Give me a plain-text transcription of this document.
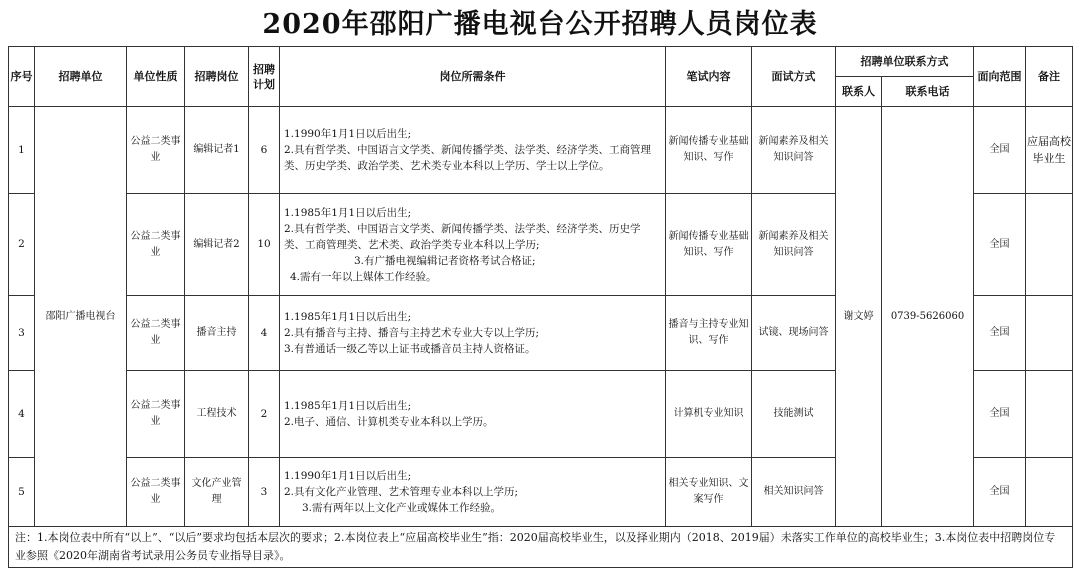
2020年邵阳广播电视台公开招聘人员岗位表
序号	招聘单位	单位性质	招聘岗位	招聘计划	岗位所需条件	笔试内容	面试方式	招聘单位联系方式		面向范围	备注
								联系人	联系电话		
1	邵阳广播电视台	公益二类事业	编辑记者1	6	1.1990年1月1日以后出生;
2.具有哲学类、中国语言文学类、新闻传播学类、法学类、经济学类、工商管理类、历史学类、政治学类、艺术类专业本科以上学历、学士以上学位。	新闻传播专业基础知识、写作	新闻素养及相关知识问答	谢文婷	0739-5626060	全国	应届高校毕业生
2		公益二类事业	编辑记者2	10	1.1985年1月1日以后出生;
2.具有哲学类、中国语言文学类、新闻传播学类、法学类、经济学类、历史学类、工商管理类、艺术类、政治学类专业本科以上学历;
3.有广播电视编辑记者资格考试合格证;
4.需有一年以上媒体工作经验。	新闻传播专业基础知识、写作	新闻素养及相关知识问答			全国	
3		公益二类事业	播音主持	4	1.1985年1月1日以后出生;
2.具有播音与主持、播音与主持艺术专业大专以上学历;
3.有普通话一级乙等以上证书或播音员主持人资格证。	播音与主持专业知识、写作	试镜、现场问答			全国	
4		公益二类事业	工程技术	2	1.1985年1月1日以后出生;
2.电子、通信、计算机类专业本科以上学历。	计算机专业知识	技能测试			全国	
5		公益二类事业	文化产业管理	3	1.1990年1月1日以后出生;
2.具有文化产业管理、艺术管理专业本科以上学历;
3.需有两年以上文化产业或媒体工作经验。	相关专业知识、文案写作	相关知识问答			全国	
注：1.本岗位表中所有“以上”、“以后”要求均包括本层次的要求；2.本岗位表上“应届高校毕业生”指：2020届高校毕业生，以及择业期内（2018、2019届）未落实工作单位的高校毕业生；3.本岗位表中招聘岗位专业参照《2020年湖南省考试录用公务员专业指导目录》。											
